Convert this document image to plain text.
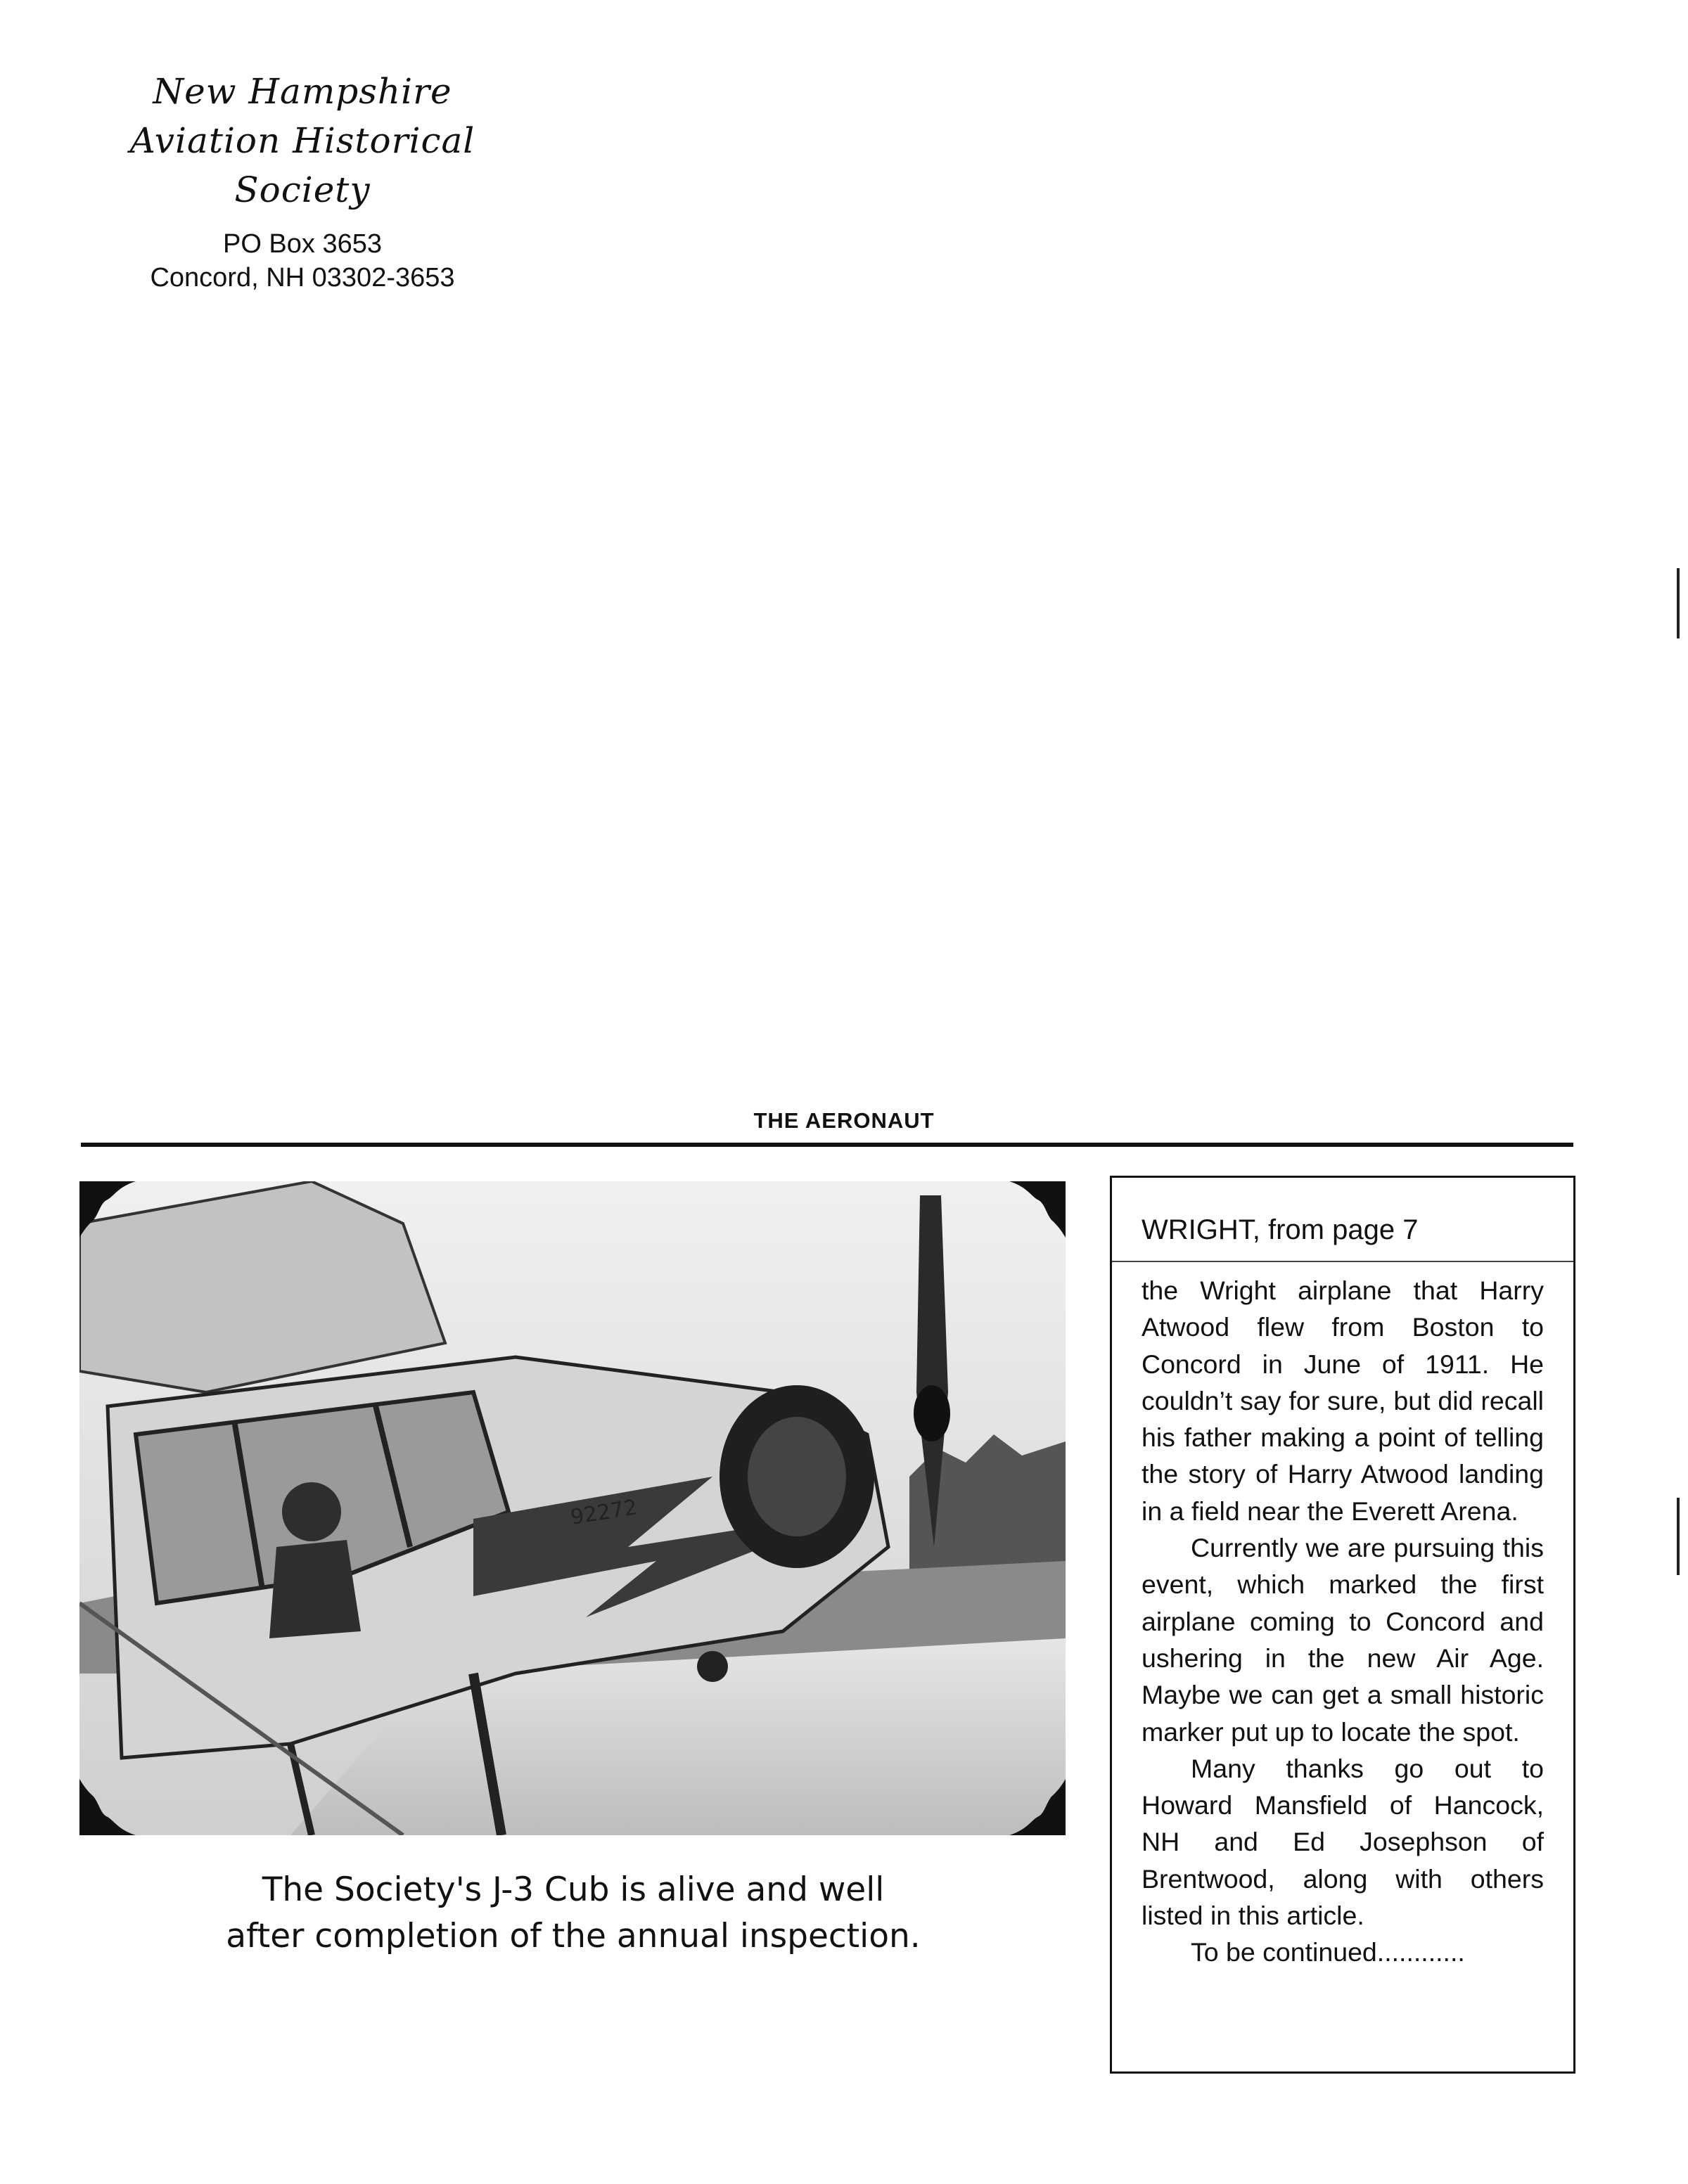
New Hampshire
Aviation Historical Society
PO Box 3653
Concord, NH 03302-3653
THE AERONAUT
92272
The Society's J-3 Cub is alive and well
after completion of the annual inspection.
WRIGHT, from page 7

the Wright airplane that Harry Atwood flew from Boston to Concord in June of 1911. He couldn’t say for sure, but did recall his father making a point of telling the story of Harry Atwood landing in a field near the Everett Arena.

Currently we are pursuing this event, which marked the first airplane coming to Concord and ushering in the new Air Age. Maybe we can get a small historic marker put up to locate the spot.

Many thanks go out to Howard Mansfield of Hancock, NH and Ed Josephson of Brentwood, along with others listed in this article.

To be continued............
